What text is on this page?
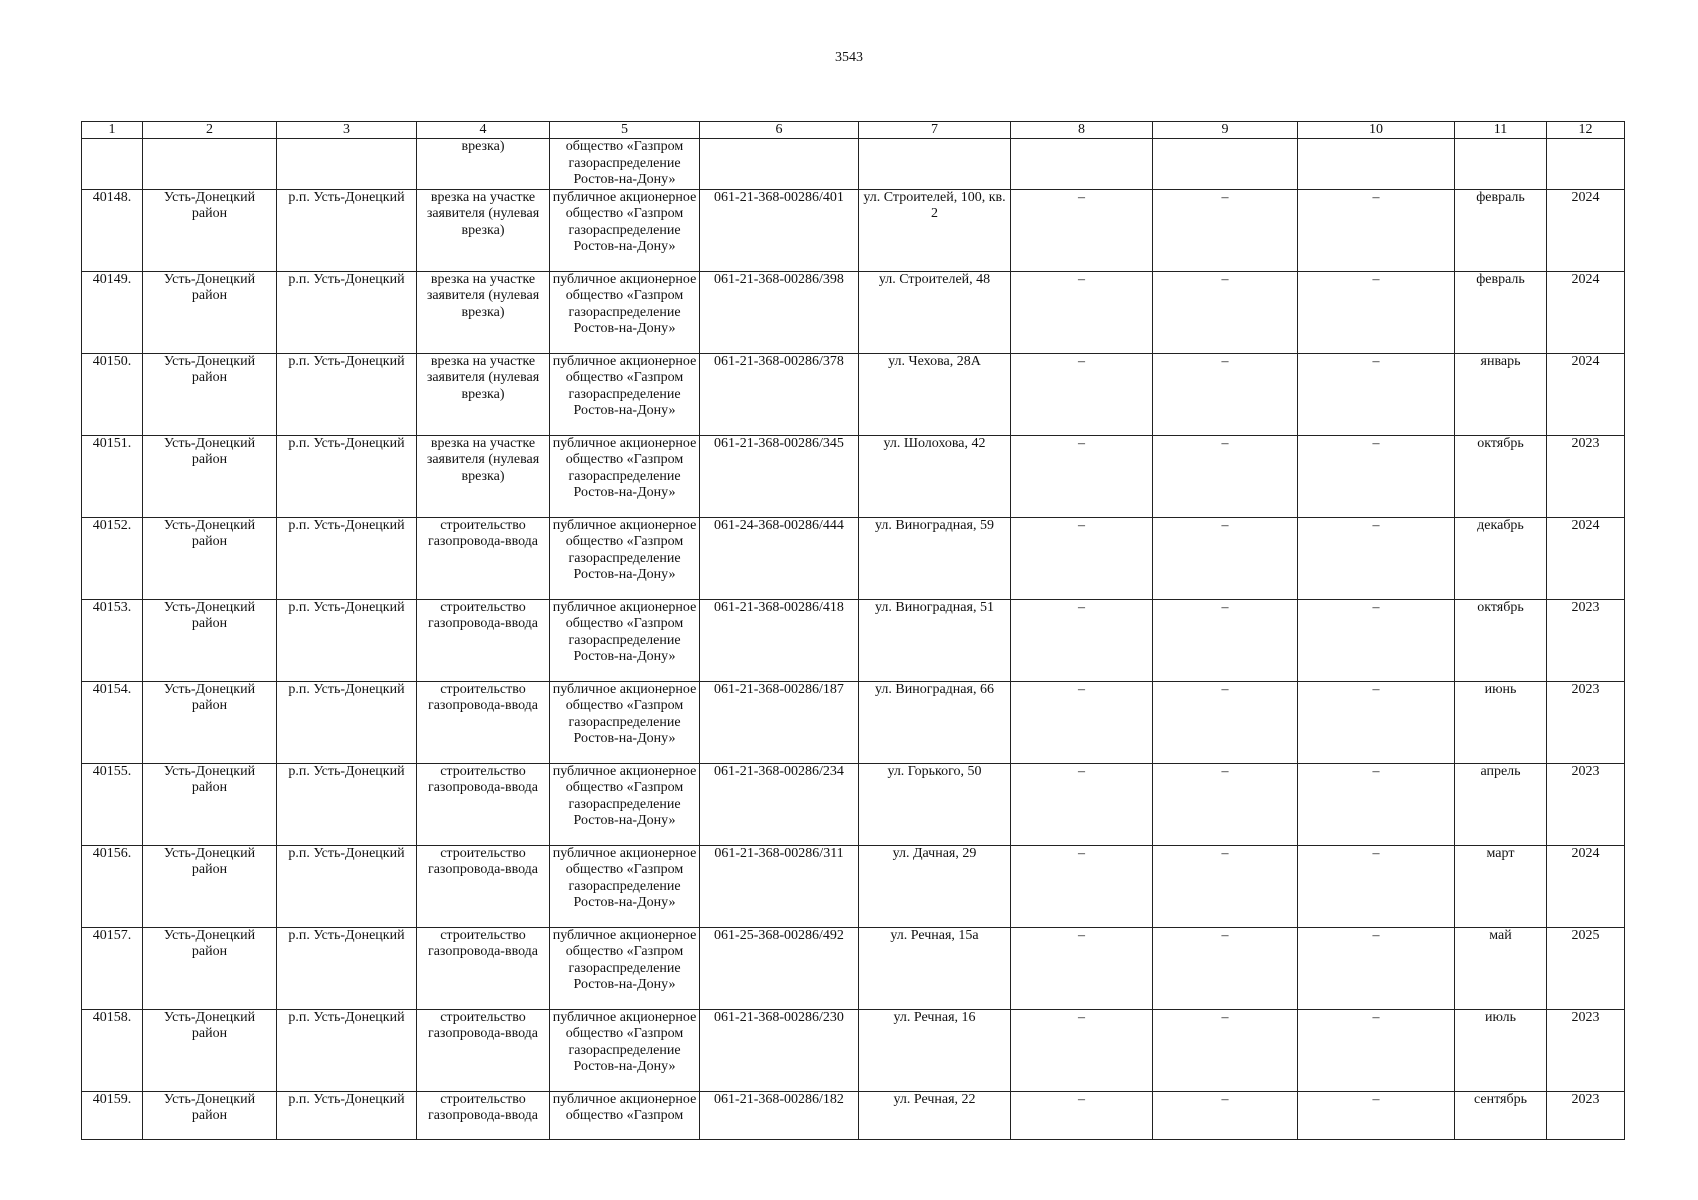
3543
1	2	3	4	5	6	7	8	9	10	11	12
			врезка)	общество «Газпром газораспределение Ростов-на-Дону»							
40148.	Усть-Донецкий район	р.п. Усть-Донецкий	врезка на участке заявителя (нулевая врезка)	публичное акционерное общество «Газпром газораспределение Ростов-на-Дону»	061-21-368-00286/401	ул. Строителей, 100, кв. 2	–	–	–	февраль	2024
40149.	Усть-Донецкий район	р.п. Усть-Донецкий	врезка на участке заявителя (нулевая врезка)	публичное акционерное общество «Газпром газораспределение Ростов-на-Дону»	061-21-368-00286/398	ул. Строителей, 48	–	–	–	февраль	2024
40150.	Усть-Донецкий район	р.п. Усть-Донецкий	врезка на участке заявителя (нулевая врезка)	публичное акционерное общество «Газпром газораспределение Ростов-на-Дону»	061-21-368-00286/378	ул. Чехова, 28А	–	–	–	январь	2024
40151.	Усть-Донецкий район	р.п. Усть-Донецкий	врезка на участке заявителя (нулевая врезка)	публичное акционерное общество «Газпром газораспределение Ростов-на-Дону»	061-21-368-00286/345	ул. Шолохова, 42	–	–	–	октябрь	2023
40152.	Усть-Донецкий район	р.п. Усть-Донецкий	строительство газопровода-ввода	публичное акционерное общество «Газпром газораспределение Ростов-на-Дону»	061-24-368-00286/444	ул. Виноградная, 59	–	–	–	декабрь	2024
40153.	Усть-Донецкий район	р.п. Усть-Донецкий	строительство газопровода-ввода	публичное акционерное общество «Газпром газораспределение Ростов-на-Дону»	061-21-368-00286/418	ул. Виноградная, 51	–	–	–	октябрь	2023
40154.	Усть-Донецкий район	р.п. Усть-Донецкий	строительство газопровода-ввода	публичное акционерное общество «Газпром газораспределение Ростов-на-Дону»	061-21-368-00286/187	ул. Виноградная, 66	–	–	–	июнь	2023
40155.	Усть-Донецкий район	р.п. Усть-Донецкий	строительство газопровода-ввода	публичное акционерное общество «Газпром газораспределение Ростов-на-Дону»	061-21-368-00286/234	ул. Горького, 50	–	–	–	апрель	2023
40156.	Усть-Донецкий район	р.п. Усть-Донецкий	строительство газопровода-ввода	публичное акционерное общество «Газпром газораспределение Ростов-на-Дону»	061-21-368-00286/311	ул. Дачная, 29	–	–	–	март	2024
40157.	Усть-Донецкий район	р.п. Усть-Донецкий	строительство газопровода-ввода	публичное акционерное общество «Газпром газораспределение Ростов-на-Дону»	061-25-368-00286/492	ул. Речная, 15а	–	–	–	май	2025
40158.	Усть-Донецкий район	р.п. Усть-Донецкий	строительство газопровода-ввода	публичное акционерное общество «Газпром газораспределение Ростов-на-Дону»	061-21-368-00286/230	ул. Речная, 16	–	–	–	июль	2023
40159.	Усть-Донецкий район	р.п. Усть-Донецкий	строительство газопровода-ввода	публичное акционерное общество «Газпром	061-21-368-00286/182	ул. Речная, 22	–	–	–	сентябрь	2023
